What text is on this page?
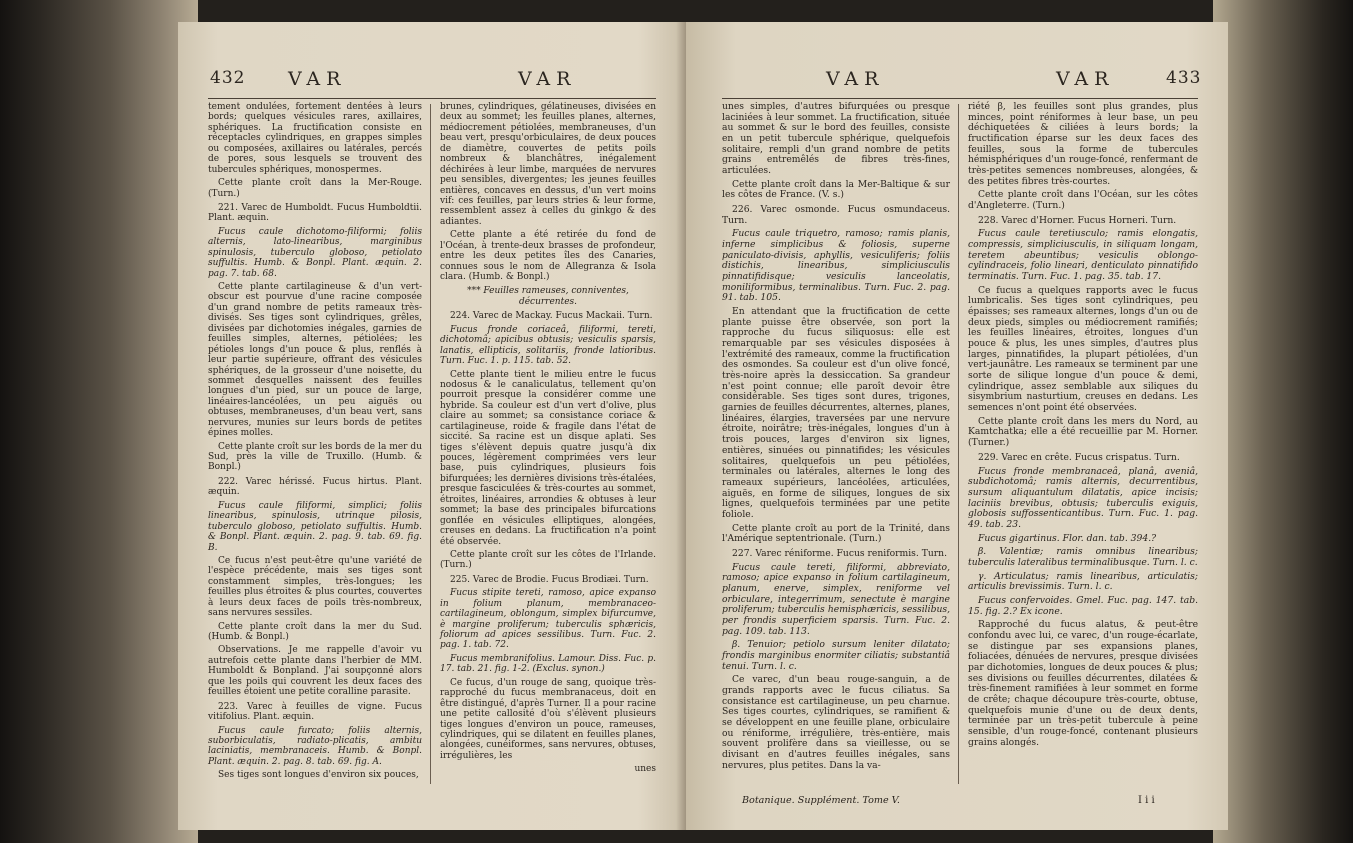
432 VAR	VAR

tement ondulées, fortement dentées à leurs bords; quelques vésicules rares, axillaires, sphériques. La fructification consiste en réceptacles cylindriques, en grappes simples ou composées, axillaires ou latérales, percés de pores, sous lesquels se trouvent des tubercules sphériques, monospermes.

Cette plante croît dans la Mer-Rouge. (Turn.)

221. Varec de Humboldt. Fucus Humboldtii. Plant. æquin.

Fucus caule dichotomo-filiformi; foliis alternis, lato-linearibus, marginibus spinulosis, tuberculo globoso, petiolato suffultis. Humb. & Bonpl. Plant. æquin. 2. pag. 7. tab. 68.

Cette plante cartilagineuse & d'un vert-obscur est pourvue d'une racine composée d'un grand nombre de petits rameaux très-divisés. Ses tiges sont cylindriques, grêles, divisées par dichotomies inégales, garnies de feuilles simples, alternes, pétiolées; les pétioles longs d'un pouce & plus, renflés à leur partie supérieure, offrant des vésicules sphériques, de la grosseur d'une noisette, du sommet desquelles naissent des feuilles longues d'un pied, sur un pouce de large, linéaires-lancéolées, un peu aiguës ou obtuses, membraneuses, d'un beau vert, sans nervures, munies sur leurs bords de petites épines molles.

Cette plante croît sur les bords de la mer du Sud, près la ville de Truxillo. (Humb. & Bonpl.)

222. Varec hérissé. Fucus hirtus. Plant. æquin.

Fucus caule filiformi, simplici; foliis linearibus, spinulosis, utrinque pilosis, tuberculo globoso, petiolato suffultis. Humb. & Bonpl. Plant. æquin. 2. pag. 9. tab. 69. fig. B.

Ce fucus n'est peut-être qu'une variété de l'espèce précédente, mais ses tiges sont constamment simples, très-longues; les feuilles plus étroites & plus courtes, couvertes à leurs deux faces de poils très-nombreux, sans nervures sessiles.

Cette plante croît dans la mer du Sud. (Humb. & Bonpl.)

Observations. Je me rappelle d'avoir vu autrefois cette plante dans l'herbier de MM. Humboldt & Bonpland. J'ai soupçonné alors que les poils qui couvrent les deux faces des feuilles étoient une petite coralline parasite.

223. Varec à feuilles de vigne. Fucus vitifolius. Plant. æquin.

Fucus caule furcato; foliis alternis, suborbiculatis, radiato-plicatis, ambitu laciniatis, membranaceis. Humb. & Bonpl. Plant. æquin. 2. pag. 8. tab. 69. fig. A.

Ses tiges sont longues d'environ six pouces,

brunes, cylindriques, gélatineuses, divisées en deux au sommet; les feuilles planes, alternes, médiocrement pétiolées, membraneuses, d'un beau vert, presqu'orbiculaires, de deux pouces de diamètre, couvertes de petits poils nombreux & blanchâtres, inégalement déchirées à leur limbe, marquées de nervures peu sensibles, divergentes; les jeunes feuilles entières, concaves en dessus, d'un vert moins vif: ces feuilles, par leurs stries & leur forme, ressemblent assez à celles du ginkgo & des adiantes.

Cette plante a été retirée du fond de l'Océan, à trente-deux brasses de profondeur, entre les deux petites îles des Canaries, connues sous le nom de Allegranza & Isola clara. (Humb. & Bonpl.)

*** Feuilles rameuses, conniventes, décurrentes.

224. Varec de Mackay. Fucus Mackaii. Turn.

Fucus fronde coriaceâ, filiformi, tereti, dichotomâ; apicibus obtusis; vesiculis sparsis, lanatis, ellipticis, solitariis, fronde latioribus. Turn. Fuc. 1. p. 115. tab. 52.

Cette plante tient le milieu entre le fucus nodosus & le canaliculatus, tellement qu'on pourroit presque la considérer comme une hybride. Sa couleur est d'un vert d'olive, plus claire au sommet; sa consistance coriace & cartilagineuse, roide & fragile dans l'état de siccité. Sa racine est un disque aplati. Ses tiges s'élèvent depuis quatre jusqu'à dix pouces, légèrement comprimées vers leur base, puis cylindriques, plusieurs fois bifurquées; les dernières divisions très-étalées, presque fasciculées & très-courtes au sommet, étroites, linéaires, arrondies & obtuses à leur sommet; la base des principales bifurcations gonflée en vésicules elliptiques, alongées, creuses en dedans. La fructification n'a point été observée.

Cette plante croît sur les côtes de l'Irlande. (Turn.)

225. Varec de Brodie. Fucus Brodiæi. Turn.

Fucus stipite tereti, ramoso, apice expanso in folium planum, membranaceo-cartilagineum, oblongum, simplex bifurcumve, è margine proliferum; tuberculis sphæricis, foliorum ad apices sessilibus. Turn. Fuc. 2. pag. 1. tab. 72.

Fucus membranifolius. Lamour. Diss. Fuc. p. 17. tab. 21. fig. 1-2. (Exclus. synon.)

Ce fucus, d'un rouge de sang, quoique très-rapproché du fucus membranaceus, doit en être distingué, d'après Turner. Il a pour racine une petite callosité d'où s'élèvent plusieurs tiges longues d'environ un pouce, rameuses, cylindriques, qui se dilatent en feuilles planes, alongées, cunéiformes, sans nervures, obtuses, irrégulières, les

unes

VAR	VAR	433

unes simples, d'autres bifurquées ou presque laciniées à leur sommet. La fructification, située au sommet & sur le bord des feuilles, consiste en un petit tubercule sphérique, quelquefois solitaire, rempli d'un grand nombre de petits grains entremêlés de fibres très-fines, articulées.

Cette plante croît dans la Mer-Baltique & sur les côtes de France. (V. s.)

226. Varec osmonde. Fucus osmundaceus. Turn.

Fucus caule triquetro, ramoso; ramis planis, inferne simplicibus & foliosis, superne paniculato-divisis, aphyllis, vesiculiferis; foliis distichis, linearibus, simpliciusculis pinnatifidisque; vesiculis lanceolatis, moniliformibus, terminalibus. Turn. Fuc. 2. pag. 91. tab. 105.

En attendant que la fructification de cette plante puisse être observée, son port la rapproche du fucus siliquosus: elle est remarquable par ses vésicules disposées à l'extrémité des rameaux, comme la fructification des osmondes. Sa couleur est d'un olive foncé, très-noire après la dessiccation. Sa grandeur n'est point connue; elle paroît devoir être considérable. Ses tiges sont dures, trigones, garnies de feuilles décurrentes, alternes, planes, linéaires, élargies, traversées par une nervure étroite, noirâtre; très-inégales, longues d'un à trois pouces, larges d'environ six lignes, entières, sinuées ou pinnatifides; les vésicules solitaires, quelquefois un peu pétiolées, terminales ou latérales, alternes le long des rameaux supérieurs, lancéolées, articulées, aiguës, en forme de siliques, longues de six lignes, quelquefois terminées par une petite foliole.

Cette plante croît au port de la Trinité, dans l'Amérique septentrionale. (Turn.)

227. Varec réniforme. Fucus reniformis. Turn.

Fucus caule tereti, filiformi, abbreviato, ramoso; apice expanso in folium cartilagineum, planum, enerve, simplex, reniforme vel orbiculare, integerrimum, senectute è margine proliferum; tuberculis hemisphæricis, sessilibus, per frondis superficiem sparsis. Turn. Fuc. 2. pag. 109. tab. 113.

β. Tenuior; petiolo sursum leniter dilatato; frondis marginibus enormiter ciliatis; substantiâ tenui. Turn. l. c.

Ce varec, d'un beau rouge-sanguin, a de grands rapports avec le fucus ciliatus. Sa consistance est cartilagineuse, un peu charnue. Ses tiges courtes, cylindriques, se ramifient & se développent en une feuille plane, orbiculaire ou réniforme, irrégulière, très-entière, mais souvent prolifère dans sa vieillesse, ou se divisant en d'autres feuilles inégales, sans nervures, plus petites. Dans la va-

riété β, les feuilles sont plus grandes, plus minces, point réniformes à leur base, un peu déchiquetées & ciliées à leurs bords; la fructification éparse sur les deux faces des feuilles, sous la forme de tubercules hémisphériques d'un rouge-foncé, renfermant de très-petites semences nombreuses, alongées, & des petites fibres très-courtes.

Cette plante croît dans l'Océan, sur les côtes d'Angleterre. (Turn.)

228. Varec d'Horner. Fucus Horneri. Turn.

Fucus caule teretiusculo; ramis elongatis, compressis, simpliciusculis, in siliquam longam, teretem abeuntibus; vesiculis oblongo-cylindraceis, folio lineari, denticulato pinnatifido terminatis. Turn. Fuc. 1. pag. 35. tab. 17.

Ce fucus a quelques rapports avec le fucus lumbricalis. Ses tiges sont cylindriques, peu épaisses; ses rameaux alternes, longs d'un ou de deux pieds, simples ou médiocrement ramifiés; les feuilles linéaires, étroites, longues d'un pouce & plus, les unes simples, d'autres plus larges, pinnatifides, la plupart pétiolées, d'un vert-jaunâtre. Les rameaux se terminent par une sorte de silique longue d'un pouce & demi, cylindrique, assez semblable aux siliques du sisymbrium nasturtium, creuses en dedans. Les semences n'ont point été observées.

Cette plante croît dans les mers du Nord, au Kamtchatka; elle a été recueillie par M. Horner. (Turner.)

229. Varec en crête. Fucus crispatus. Turn.

Fucus fronde membranaceâ, planâ, aveniâ, subdichotomâ; ramis alternis, decurrentibus, sursum aliquantulum dilatatis, apice incisis; laciniis brevibus, obtusis; tuberculis exiguis, globosis suffossenticantibus. Turn. Fuc. 1. pag. 49. tab. 23.

Fucus gigartinus. Flor. dan. tab. 394.?

β. Valentiæ; ramis omnibus linearibus; tuberculis lateralibus terminalibusque. Turn. l. c.

γ. Articulatus; ramis linearibus, articulatis; articulis brevissimis. Turn. l. c.

Fucus confervoides. Gmel. Fuc. pag. 147. tab. 15. fig. 2.? Ex icone.

Rapproché du fucus alatus, & peut-être confondu avec lui, ce varec, d'un rouge-écarlate, se distingue par ses expansions planes, foliacées, dénuées de nervures, presque divisées par dichotomies, longues de deux pouces & plus; ses divisions ou feuilles décurrentes, dilatées & très-finement ramifiées à leur sommet en forme de crête; chaque découpure très-courte, obtuse, quelquefois munie d'une ou de deux dents, terminée par un très-petit tubercule à peine sensible, d'un rouge-foncé, contenant plusieurs grains alongés.

Botanique. Supplément. Tome V.	I i i
